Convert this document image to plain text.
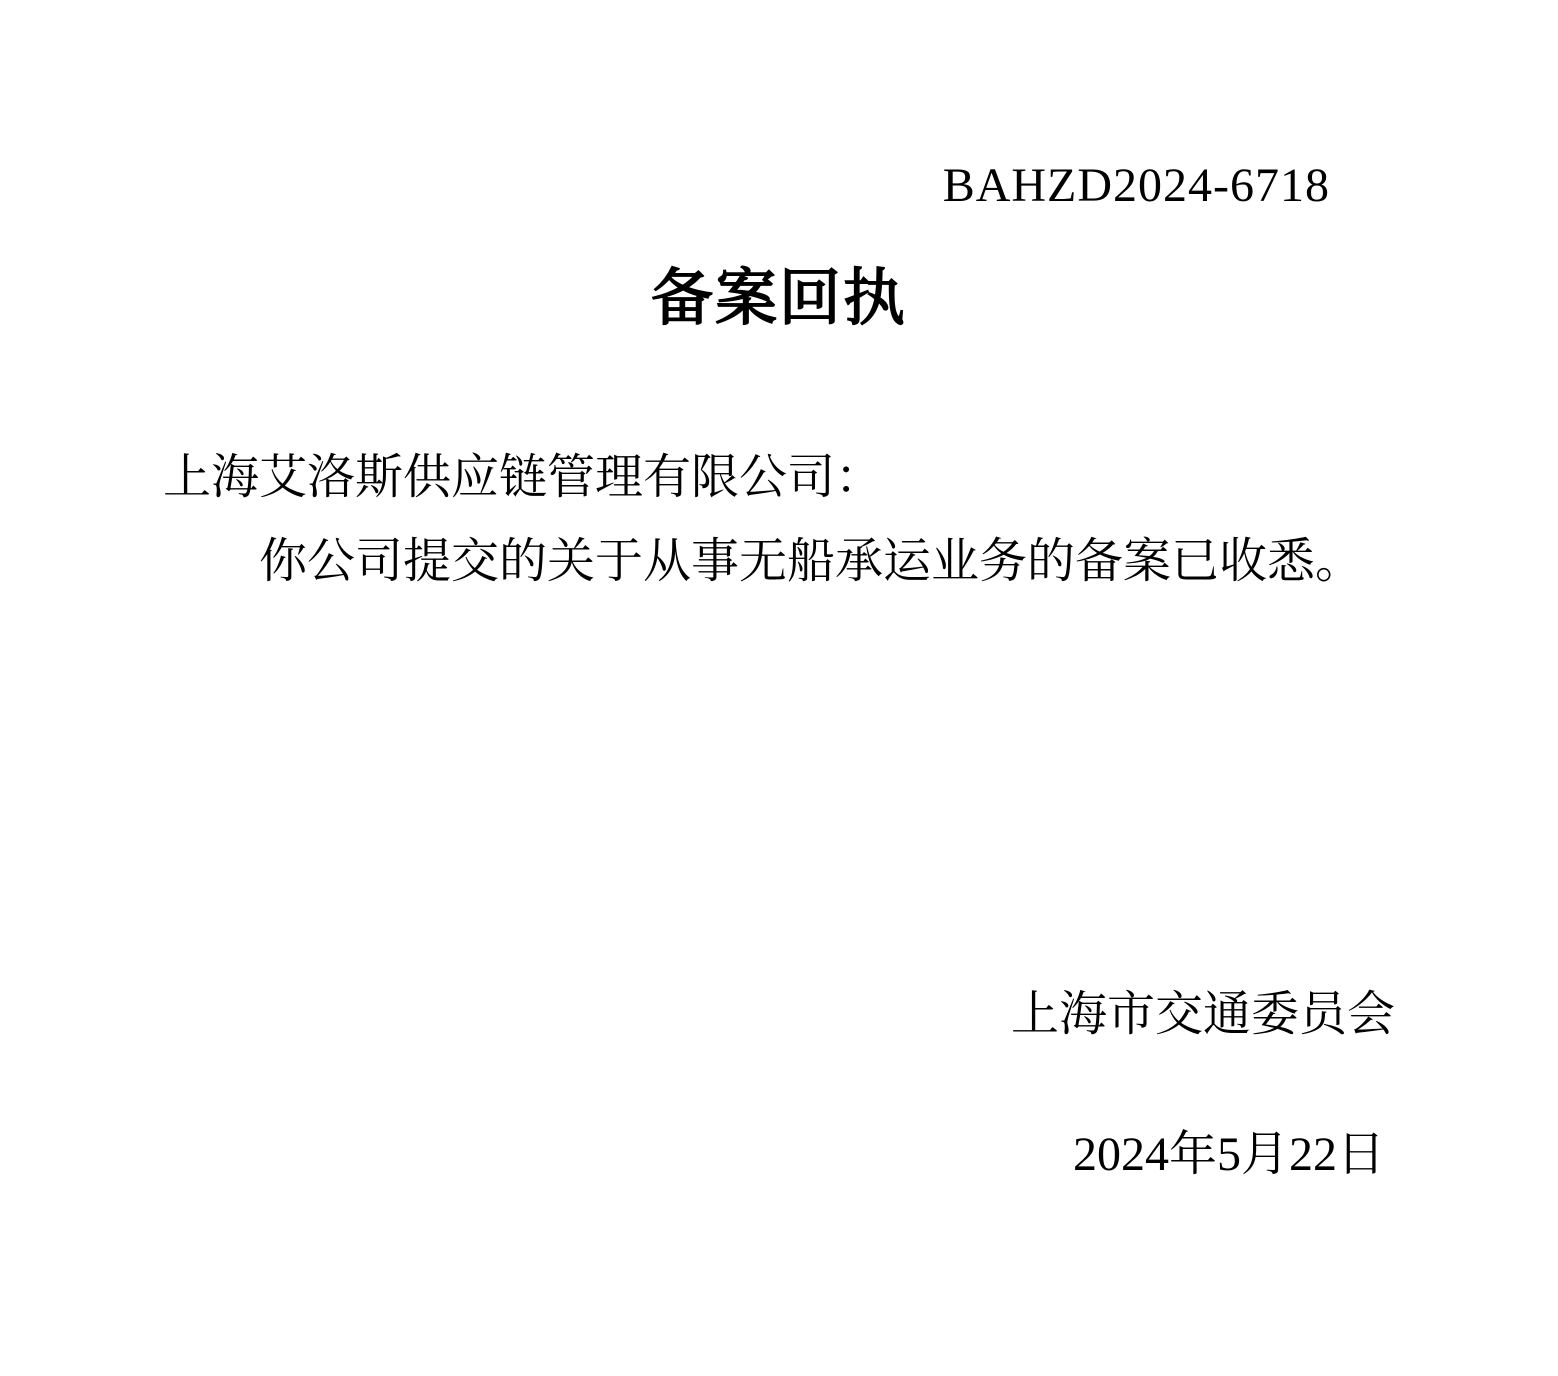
BAHZD2024-6718
备案回执

上海艾洛斯供应链管理有限公司：

你公司提交的关于从事无船承运业务的备案已收悉。

上海市交通委员会
2024年5月22日
